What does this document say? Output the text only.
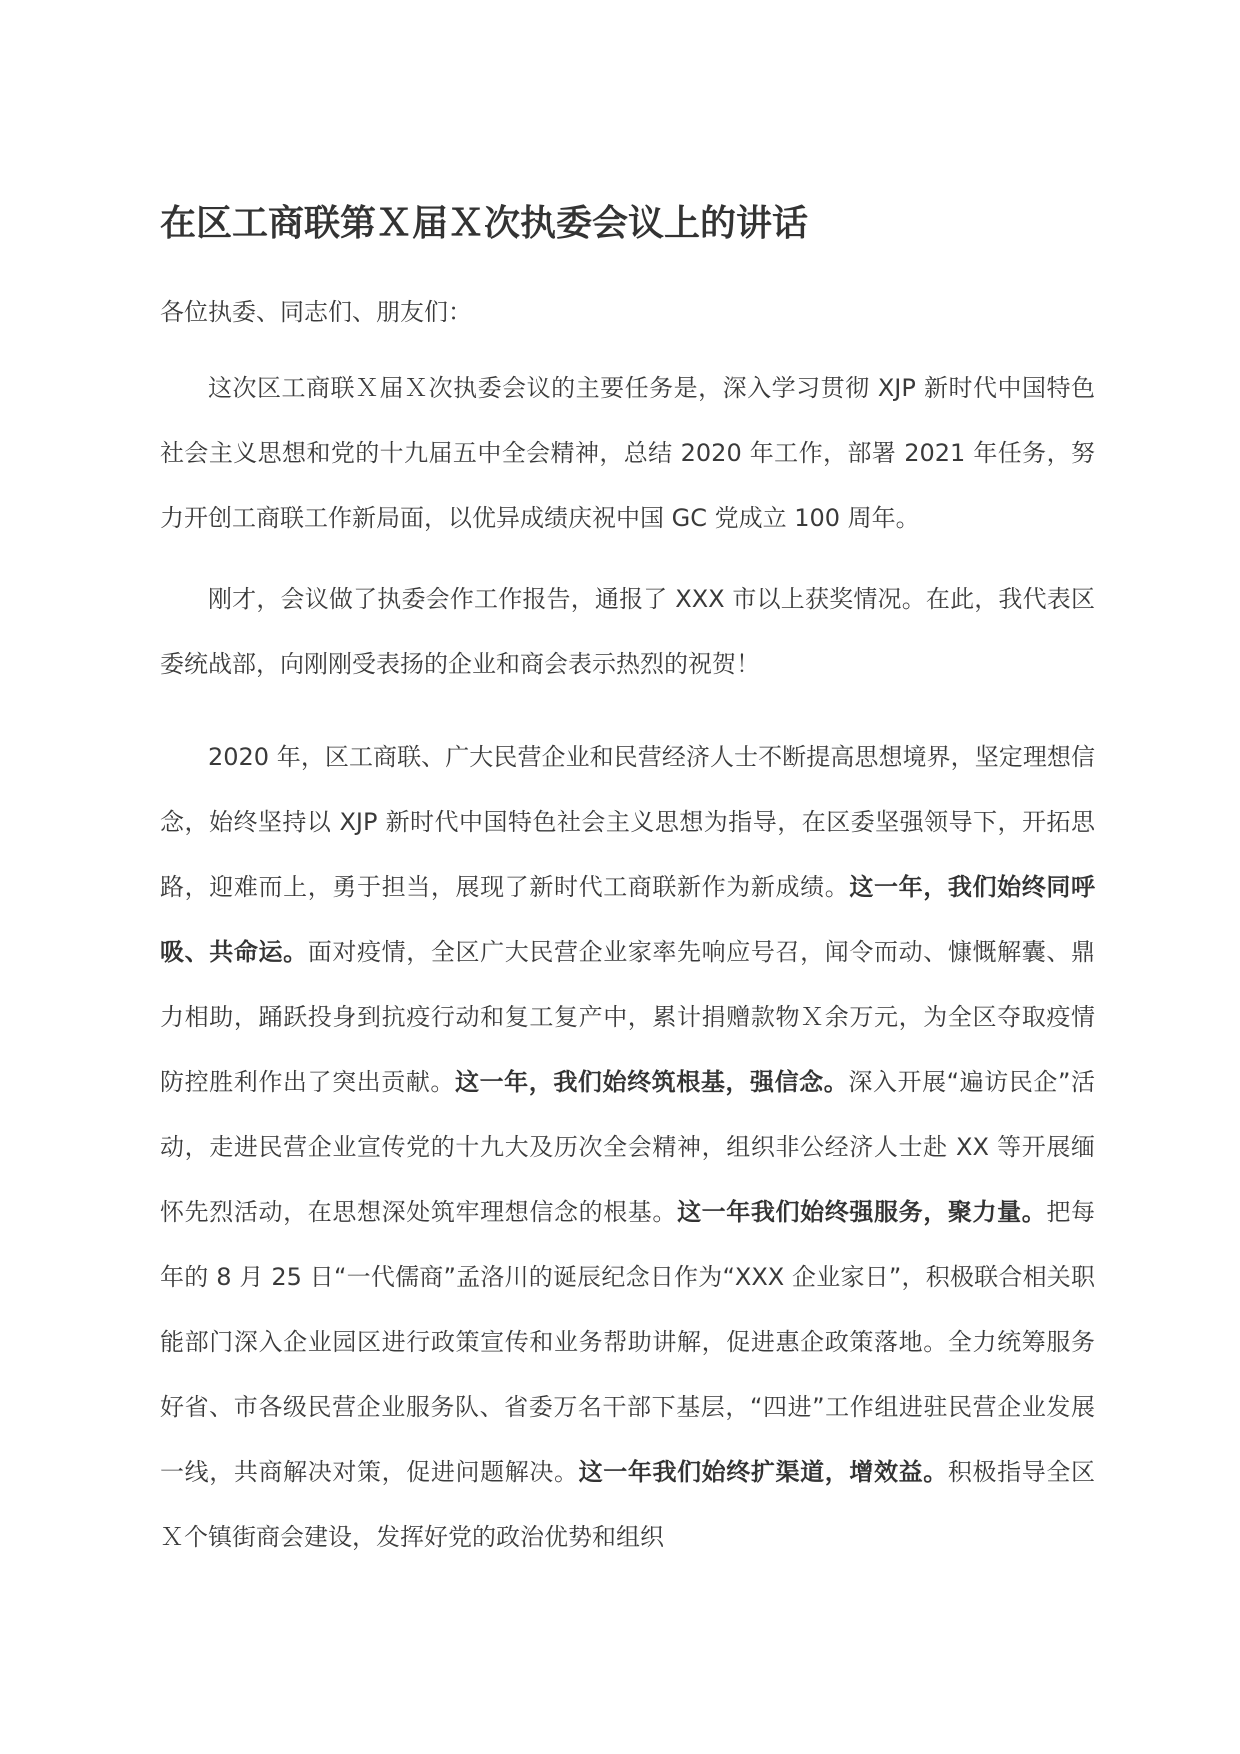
在区工商联第Ｘ届Ｘ次执委会议上的讲话

各位执委、同志们、朋友们：

这次区工商联Ｘ届Ｘ次执委会议的主要任务是，深入学习贯彻 XJP 新时代中国特色社会主义思想和党的十九届五中全会精神，总结 2020 年工作，部署 2021 年任务，努力开创工商联工作新局面，以优异成绩庆祝中国 GC 党成立 100 周年。

刚才，会议做了执委会作工作报告，通报了 XXX 市以上获奖情况。在此，我代表区委统战部，向刚刚受表扬的企业和商会表示热烈的祝贺！

2020 年，区工商联、广大民营企业和民营经济人士不断提高思想境界，坚定理想信念，始终坚持以 XJP 新时代中国特色社会主义思想为指导，在区委坚强领导下，开拓思路，迎难而上，勇于担当，展现了新时代工商联新作为新成绩。这一年，我们始终同呼吸、共命运。面对疫情，全区广大民营企业家率先响应号召，闻令而动、慷慨解囊、鼎力相助，踊跃投身到抗疫行动和复工复产中，累计捐赠款物Ｘ余万元，为全区夺取疫情防控胜利作出了突出贡献。这一年，我们始终筑根基，强信念。深入开展“遍访民企”活动，走进民营企业宣传党的十九大及历次全会精神，组织非公经济人士赴 XX 等开展缅怀先烈活动，在思想深处筑牢理想信念的根基。这一年我们始终强服务，聚力量。把每年的 8 月 25 日“一代儒商”孟洛川的诞辰纪念日作为“XXX 企业家日”，积极联合相关职能部门深入企业园区进行政策宣传和业务帮助讲解，促进惠企政策落地。全力统筹服务好省、市各级民营企业服务队、省委万名干部下基层，“四进”工作组进驻民营企业发展一线，共商解决对策，促进问题解决。这一年我们始终扩渠道，增效益。积极指导全区Ｘ个镇街商会建设，发挥好党的政治优势和组织
